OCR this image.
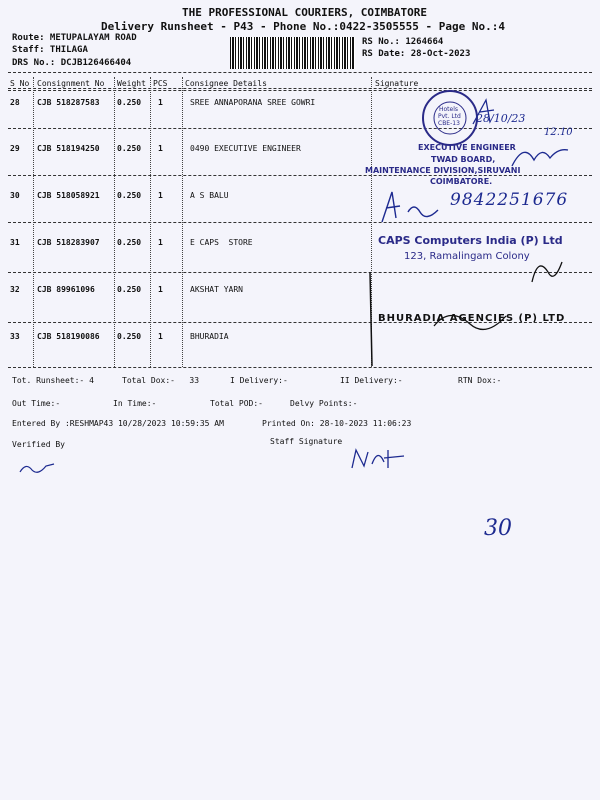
THE PROFESSIONAL COURIERS, COIMBATORE
Delivery Runsheet - P43 - Phone No.:0422-3505555 - Page No.:4
Route: METUPALAYAM ROAD
Staff: THILAGA
DRS No.: DCJB126466404
RS No.: 1264664
RS Date: 28-Oct-2023
S No Consignment No Weight PCS Consignee Details	Signature
28 CJB 518287583 0.250 1	SREE ANNAPORANA SREE GOWRI
29 CJB 518194250 0.250 1	0490 EXECUTIVE ENGINEER
30 CJB 518058921 0.250 1	A S BALU
31 CJB 518283907 0.250 1	E CAPS  STORE
32 CJB 89961096	0.250 1	AKSHAT YARN
33 CJB 518190086 0.250 1	BHURADIA
Hotels
Pvt. Ltd
CBE-13 28/10/23
12.10
EXECUTIVE ENGINEER
TWAD BOARD,
MAINTENANCE DIVISION,SIRUVANI
COIMBATORE.
9842251676
CAPS Computers India (P) Ltd
123, Ramalingam Colony
BHURADIA AGENCIES (P) LTD
Tot. Runsheet:- 4	Total Dox:-   33	I Delivery:-	II Delivery:-	RTN Dox:-
Out Time:-	In Time:-	Total POD:-	Delvy Points:-
Entered By :RESHMAP43 10/28/2023 10:59:35 AM	Printed On: 28-10-2023 11:06:23
Verified By	Staff Signature
30
